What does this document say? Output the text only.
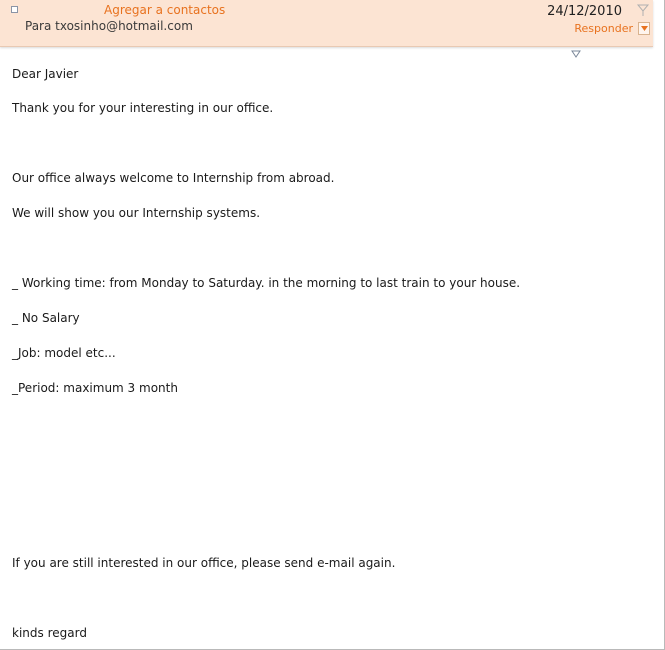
Agregar a contactos
Para txosinho@hotmail.com
24/12/2010
Responder
Dear Javier
Thank you for your interesting in our office.
Our office always welcome to Internship from abroad.
We will show you our Internship systems.
_ Working time: from Monday to Saturday. in the morning to last train to your house.
_ No Salary
_Job: model etc...
_Period: maximum 3 month
If you are still interested in our office, please send e-mail again.
kinds regard
